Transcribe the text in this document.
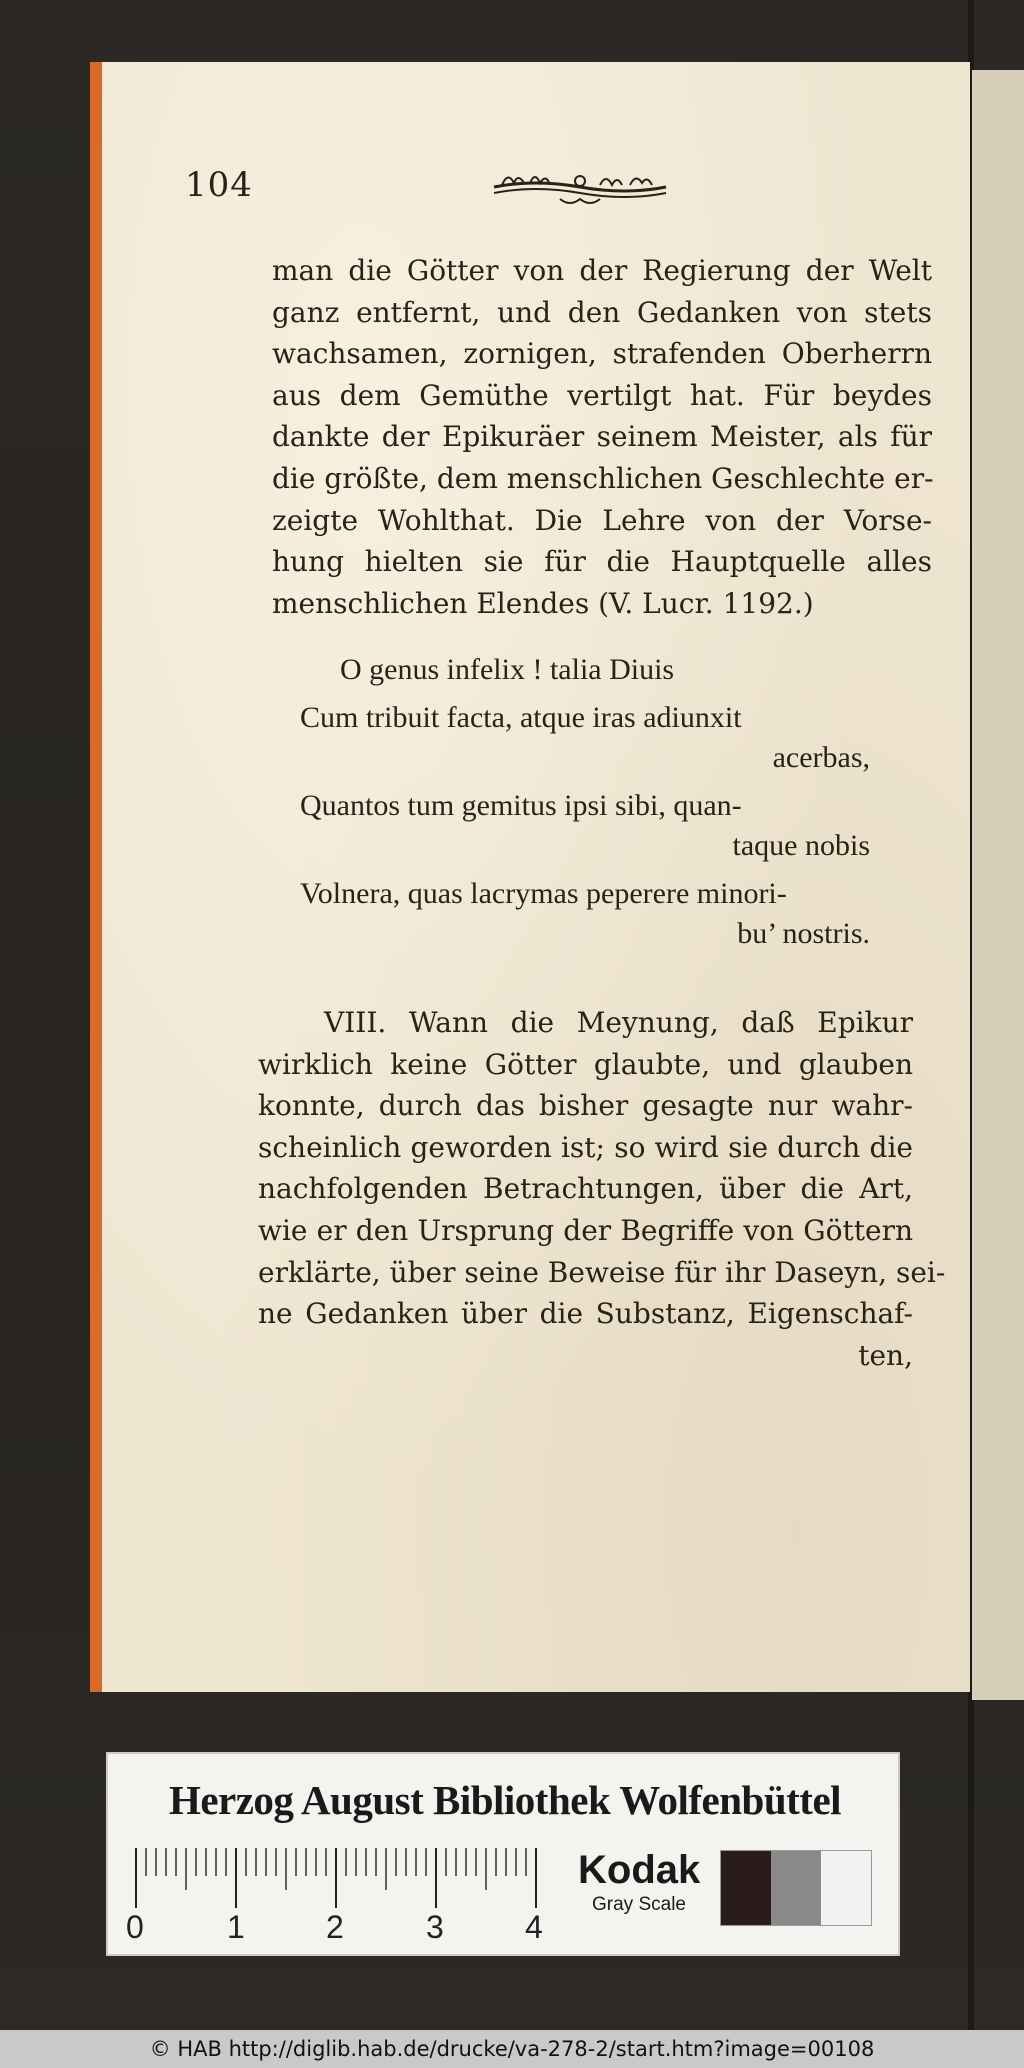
104
man die Götter von der Regierung der Welt
ganz entfernt, und den Gedanken von stets
wachsamen, zornigen, strafenden Oberherrn
aus dem Gemüthe vertilgt hat. Für beydes
dankte der Epikuräer seinem Meister, als für
die größte, dem menschlichen Geschlechte er-
zeigte Wohlthat. Die Lehre von der Vorse-
hung hielten sie für die Hauptquelle alles
menschlichen Elendes (V. Lucr. 1192.)
O genus infelix ! talia Diuis
Cum tribuit facta, atque iras adiunxit
acerbas,
Quantos tum gemitus ipsi sibi, quan-
taque nobis
Volnera, quas lacrymas peperere minori-
bu’ nostris.
VIII. Wann die Meynung, daß Epikur
wirklich keine Götter glaubte, und glauben
konnte, durch das bisher gesagte nur wahr-
scheinlich geworden ist; so wird sie durch die
nachfolgenden Betrachtungen, über die Art,
wie er den Ursprung der Begriffe von Göttern
erklärte, über seine Beweise für ihr Daseyn, sei-
ne Gedanken über die Substanz, Eigenschaf-
ten,
Herzog August Bibliothek Wolfenbüttel
0	1	2	3	4
Kodak
Gray Scale
© HAB http://diglib.hab.de/drucke/va-278-2/start.htm?image=00108
